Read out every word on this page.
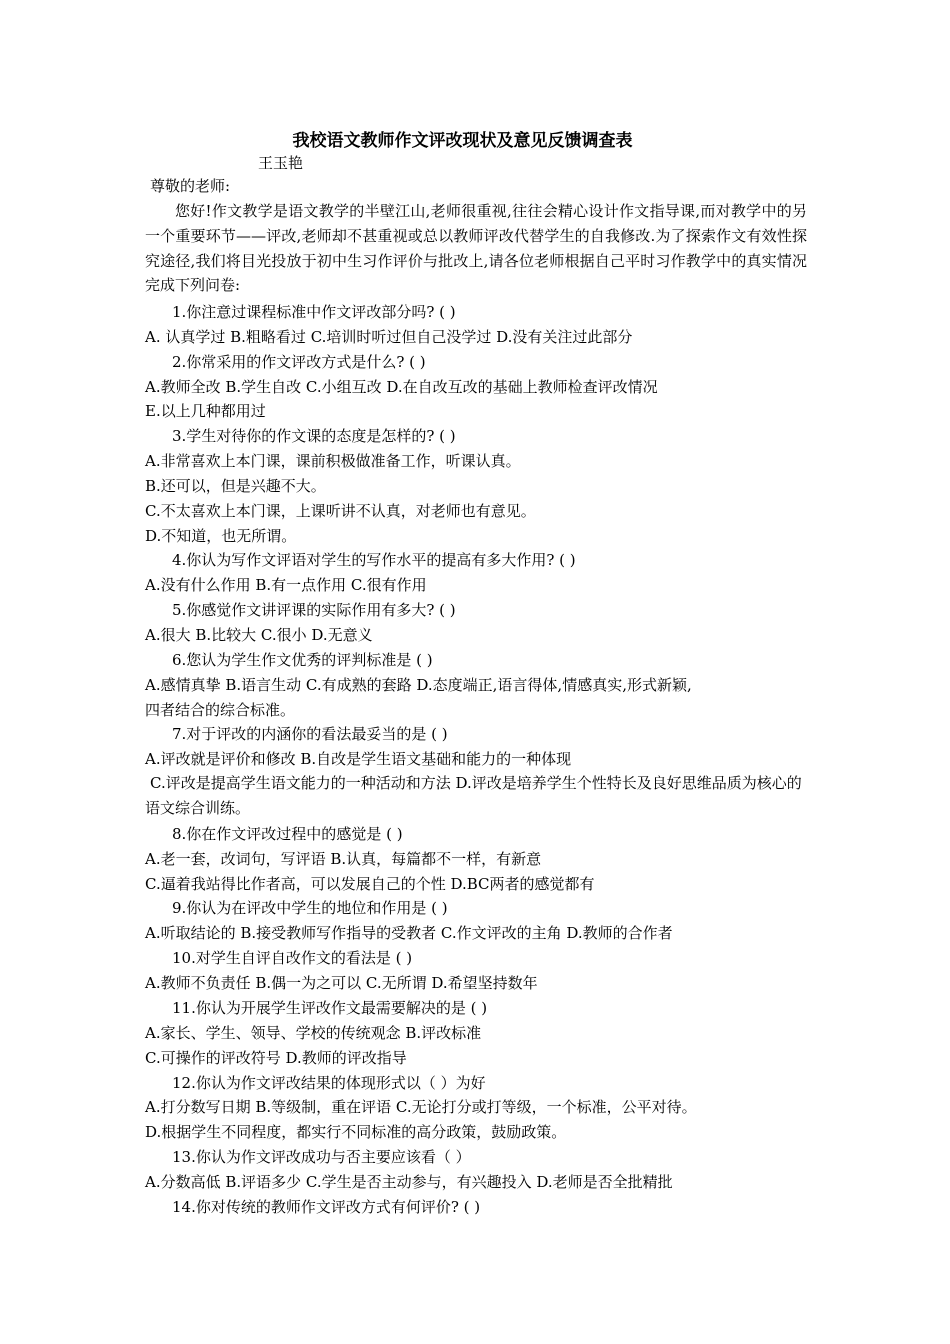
我校语文教师作文评改现状及意见反馈调查表
王玉艳
尊敬的老师:
您好!作文教学是语文教学的半壁江山,老师很重视,往往会精心设计作文指导课,而对教学中的另一个重要环节——评改,老师却不甚重视或总以教师评改代替学生的自我修改.为了探索作文有效性探究途径,我们将目光投放于初中生习作评价与批改上,请各位老师根据自己平时习作教学中的真实情况完成下列问卷:
1.你注意过课程标准中作文评改部分吗? ( )
A. 认真学过 B.粗略看过 C.培训时听过但自己没学过 D.没有关注过此部分
2.你常采用的作文评改方式是什么? ( )
A.教师全改 B.学生自改 C.小组互改 D.在自改互改的基础上教师检查评改情况
E.以上几种都用过
3.学生对待你的作文课的态度是怎样的? ( )
A.非常喜欢上本门课，课前积极做准备工作，听课认真。
B.还可以，但是兴趣不大。
C.不太喜欢上本门课，上课听讲不认真，对老师也有意见。
D.不知道，也无所谓。
4.你认为写作文评语对学生的写作水平的提高有多大作用? ( )
A.没有什么作用 B.有一点作用 C.很有作用
5.你感觉作文讲评课的实际作用有多大? ( )
A.很大 B.比较大 C.很小 D.无意义
6.您认为学生作文优秀的评判标准是 ( )
A.感情真挚 B.语言生动 C.有成熟的套路 D.态度端正,语言得体,情感真实,形式新颖,
四者结合的综合标准。
7.对于评改的内涵你的看法最妥当的是 ( )
A.评改就是评价和修改 B.自改是学生语文基础和能力的一种体现
C.评改是提高学生语文能力的一种活动和方法 D.评改是培养学生个性特长及良好思维品质为核心的语文综合训练。
8.你在作文评改过程中的感觉是 ( )
A.老一套，改词句，写评语 B.认真，每篇都不一样，有新意
C.逼着我站得比作者高，可以发展自己的个性 D.BC两者的感觉都有
9.你认为在评改中学生的地位和作用是 ( )
A.听取结论的 B.接受教师写作指导的受教者 C.作文评改的主角 D.教师的合作者
10.对学生自评自改作文的看法是 ( )
A.教师不负责任 B.偶一为之可以 C.无所谓 D.希望坚持数年
11.你认为开展学生评改作文最需要解决的是 ( )
A.家长、学生、领导、学校的传统观念 B.评改标准
C.可操作的评改符号 D.教师的评改指导
12.你认为作文评改结果的体现形式以（ ）为好
A.打分数写日期 B.等级制，重在评语 C.无论打分或打等级，一个标准，公平对待。
D.根据学生不同程度，都实行不同标准的高分政策，鼓励政策。
13.你认为作文评改成功与否主要应该看（ ）
A.分数高低 B.评语多少 C.学生是否主动参与，有兴趣投入 D.老师是否全批精批
14.你对传统的教师作文评改方式有何评价? ( )
